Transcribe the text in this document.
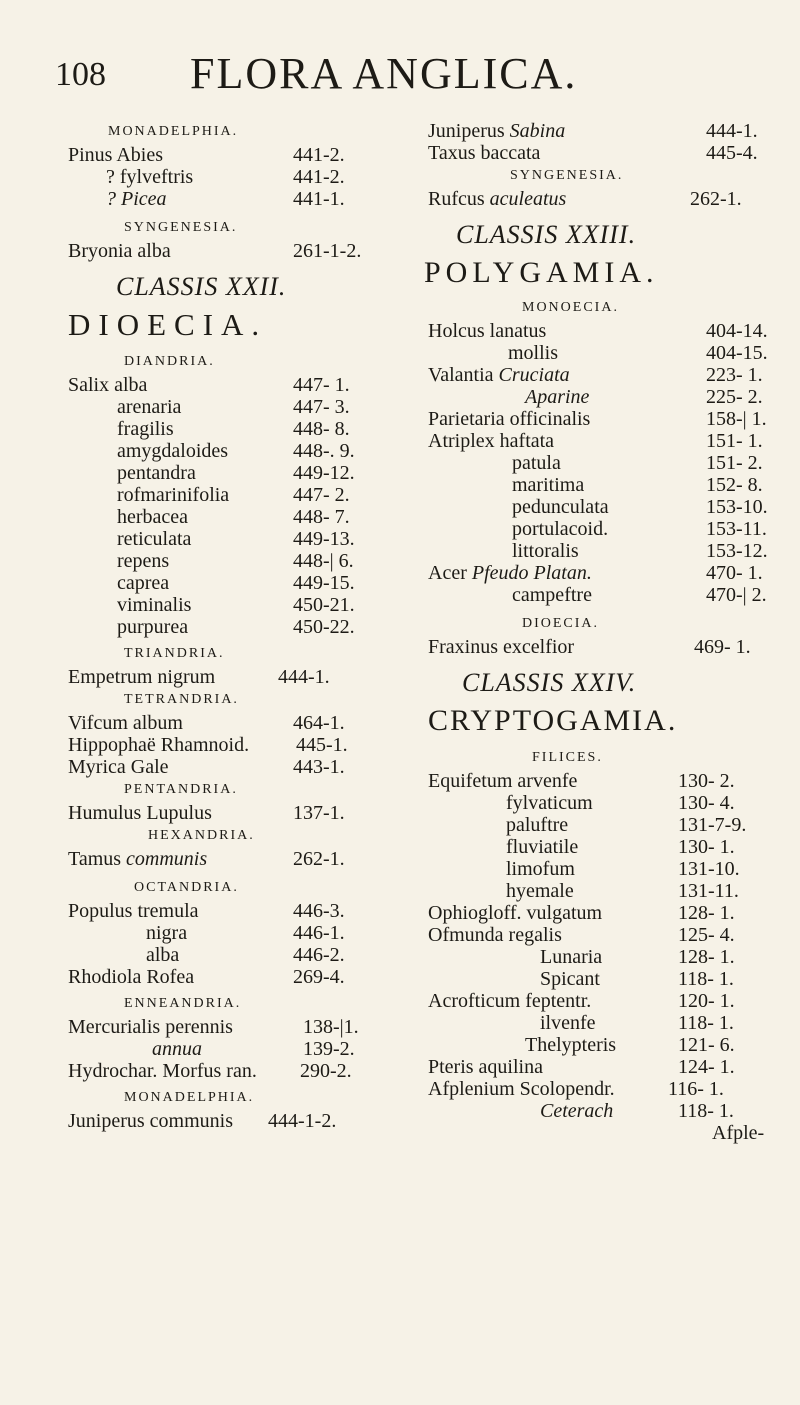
108 FLORA ANGLICA.
MONADELPHIA.
Pinus Abies	441-2.
? fylveftris	441-2.
? Picea	441-1.
SYNGENESIA.
Bryonia alba	261-1-2.
CLASSIS XXII.
DIOECIA.
DIANDRIA.
Salix alba	447- 1.
arenaria	447- 3.
fragilis	448- 8.
amygdaloides	448-. 9.
pentandra	449-12.
rofmarinifolia	447- 2.
herbacea	448- 7.
reticulata	449-13.
repens	448-| 6.
caprea	449-15.
viminalis	450-21.
purpurea	450-22.
TRIANDRIA.
Empetrum nigrum	444-1.
TETRANDRIA.
Vifcum album	464-1.
Hippophaë Rhamnoid. 445-1.
Myrica Gale	443-1.
PENTANDRIA.
Humulus Lupulus	137-1.
HEXANDRIA.
Tamus communis	262-1.
OCTANDRIA.
Populus tremula	446-3.
nigra	446-1.
alba	446-2.
Rhodiola Rofea	269-4.
ENNEANDRIA.
Mercurialis perennis	138-|1.
annua	139-2.
Hydrochar. Morfus ran. 290-2.
MONADELPHIA.
Juniperus communis 444-1-2.
Juniperus Sabina	444-1.
Taxus baccata	445-4.
SYNGENESIA.
Rufcus aculeatus	262-1.
CLASSIS XXIII.
POLYGAMIA.
MONOECIA.
Holcus lanatus	404-14.
mollis	404-15.
Valantia Cruciata	223- 1.
Aparine	225- 2.
Parietaria officinalis	158-| 1.
Atriplex haftata	151- 1.
patula	151- 2.
maritima	152- 8.
pedunculata	153-10.
portulacoid.	153-11.
littoralis	153-12.
Acer Pfeudo Platan.	470- 1.
campeftre	470-| 2.
DIOECIA.
Fraxinus excelfior	469- 1.
CLASSIS XXIV.
CRYPTOGAMIA.
FILICES.
Equifetum arvenfe	130- 2.
fylvaticum	130- 4.
paluftre	131-7-9.
fluviatile	130- 1.
limofum	131-10.
hyemale	131-11.
Ophiogloff. vulgatum	128- 1.
Ofmunda regalis	125- 4.
Lunaria	128- 1.
Spicant	118- 1.
Acrofticum feptentr.	120- 1.
ilvenfe	118- 1.
Thelypteris	121- 6.
Pteris aquilina	124- 1.
Afplenium Scolopendr.	116- 1.
Ceterach	118- 1.
Afple-
